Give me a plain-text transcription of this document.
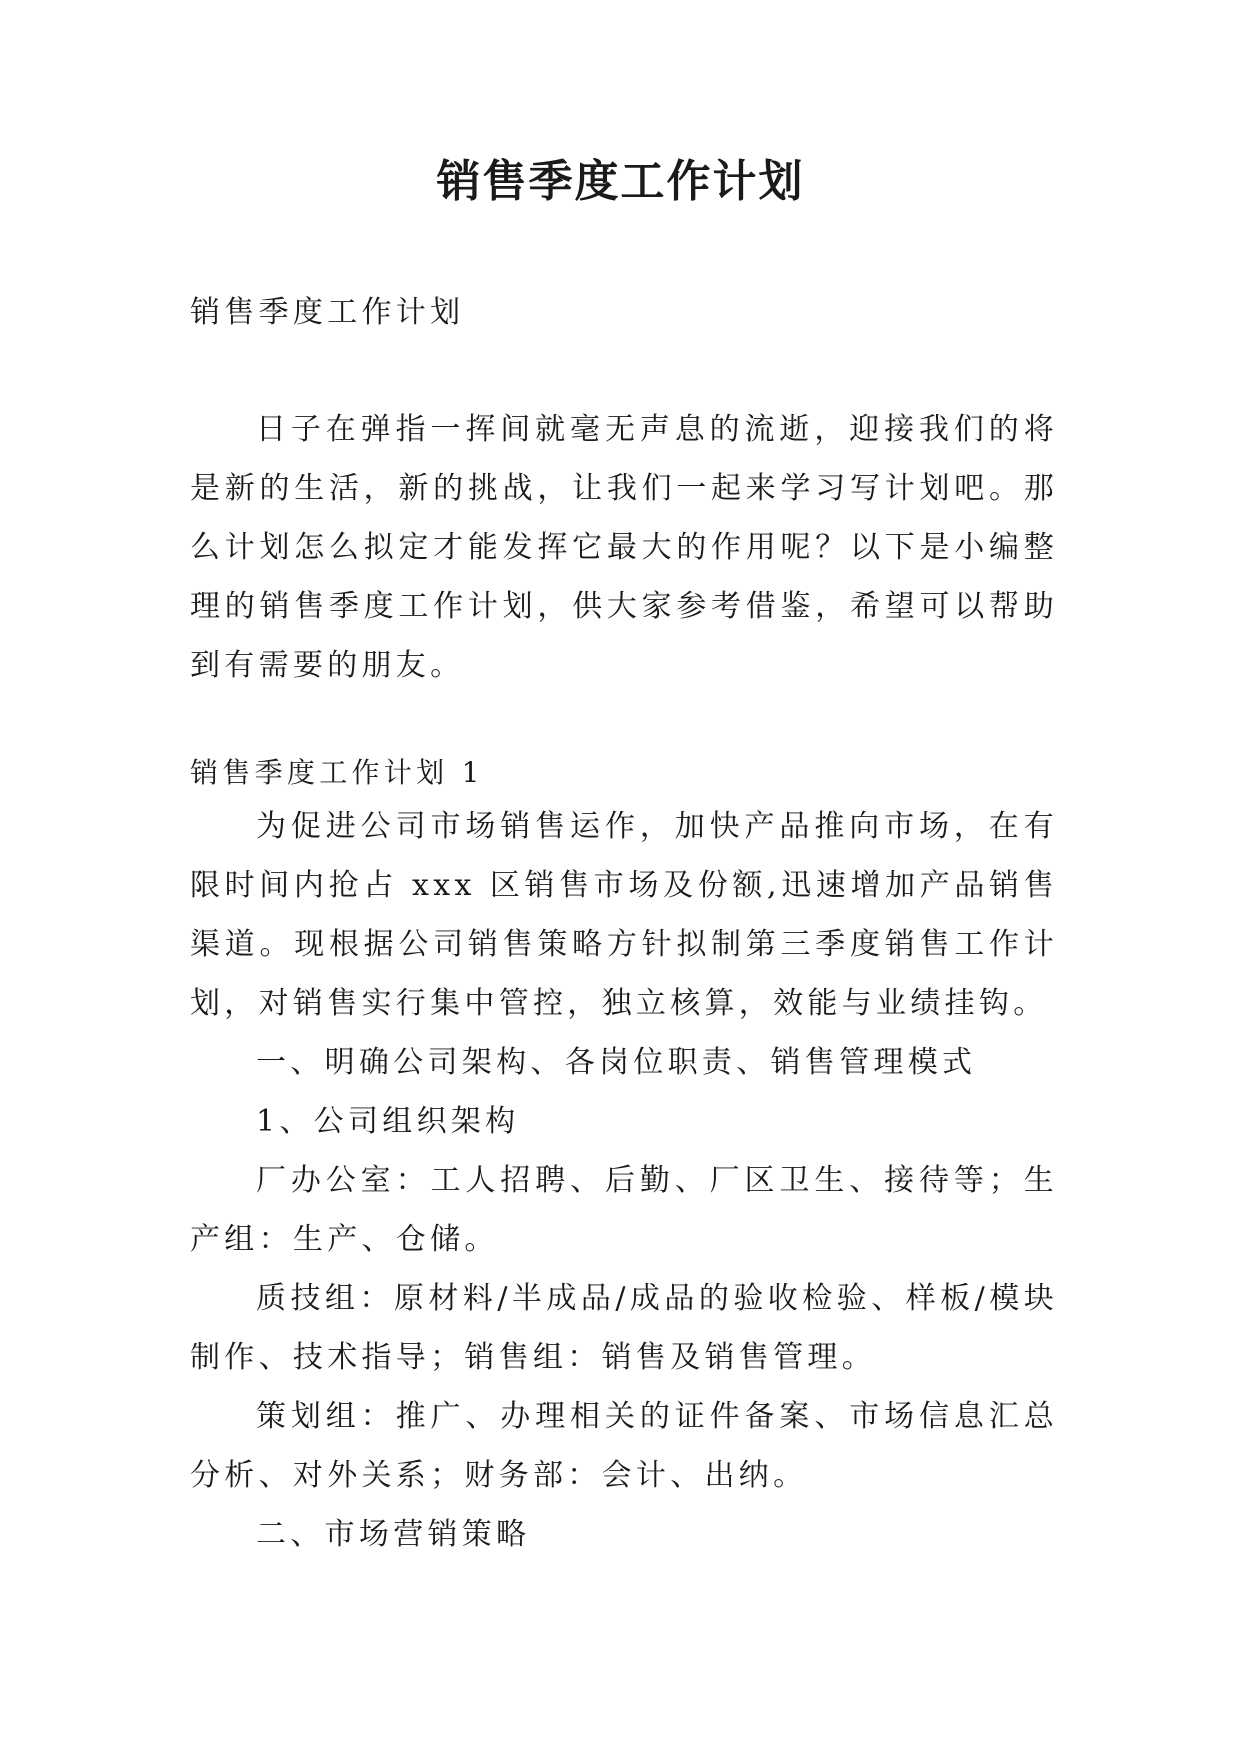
销售季度工作计划

销售季度工作计划

日子在弹指一挥间就毫无声息的流逝，迎接我们的将是新的生活，新的挑战，让我们一起来学习写计划吧。那么计划怎么拟定才能发挥它最大的作用呢？以下是小编整理的销售季度工作计划，供大家参考借鉴，希望可以帮助到有需要的朋友。

销售季度工作计划 1

为促进公司市场销售运作，加快产品推向市场，在有限时间内抢占 xxx 区销售市场及份额,迅速增加产品销售渠道。现根据公司销售策略方针拟制第三季度销售工作计划，对销售实行集中管控，独立核算，效能与业绩挂钩。

一、明确公司架构、各岗位职责、销售管理模式

1、公司组织架构

厂办公室：工人招聘、后勤、厂区卫生、接待等；生产组：生产、仓储。

质技组：原材料/半成品/成品的验收检验、样板/模块制作、技术指导；销售组：销售及销售管理。

策划组：推广、办理相关的证件备案、市场信息汇总分析、对外关系；财务部：会计、出纳。

二、市场营销策略
